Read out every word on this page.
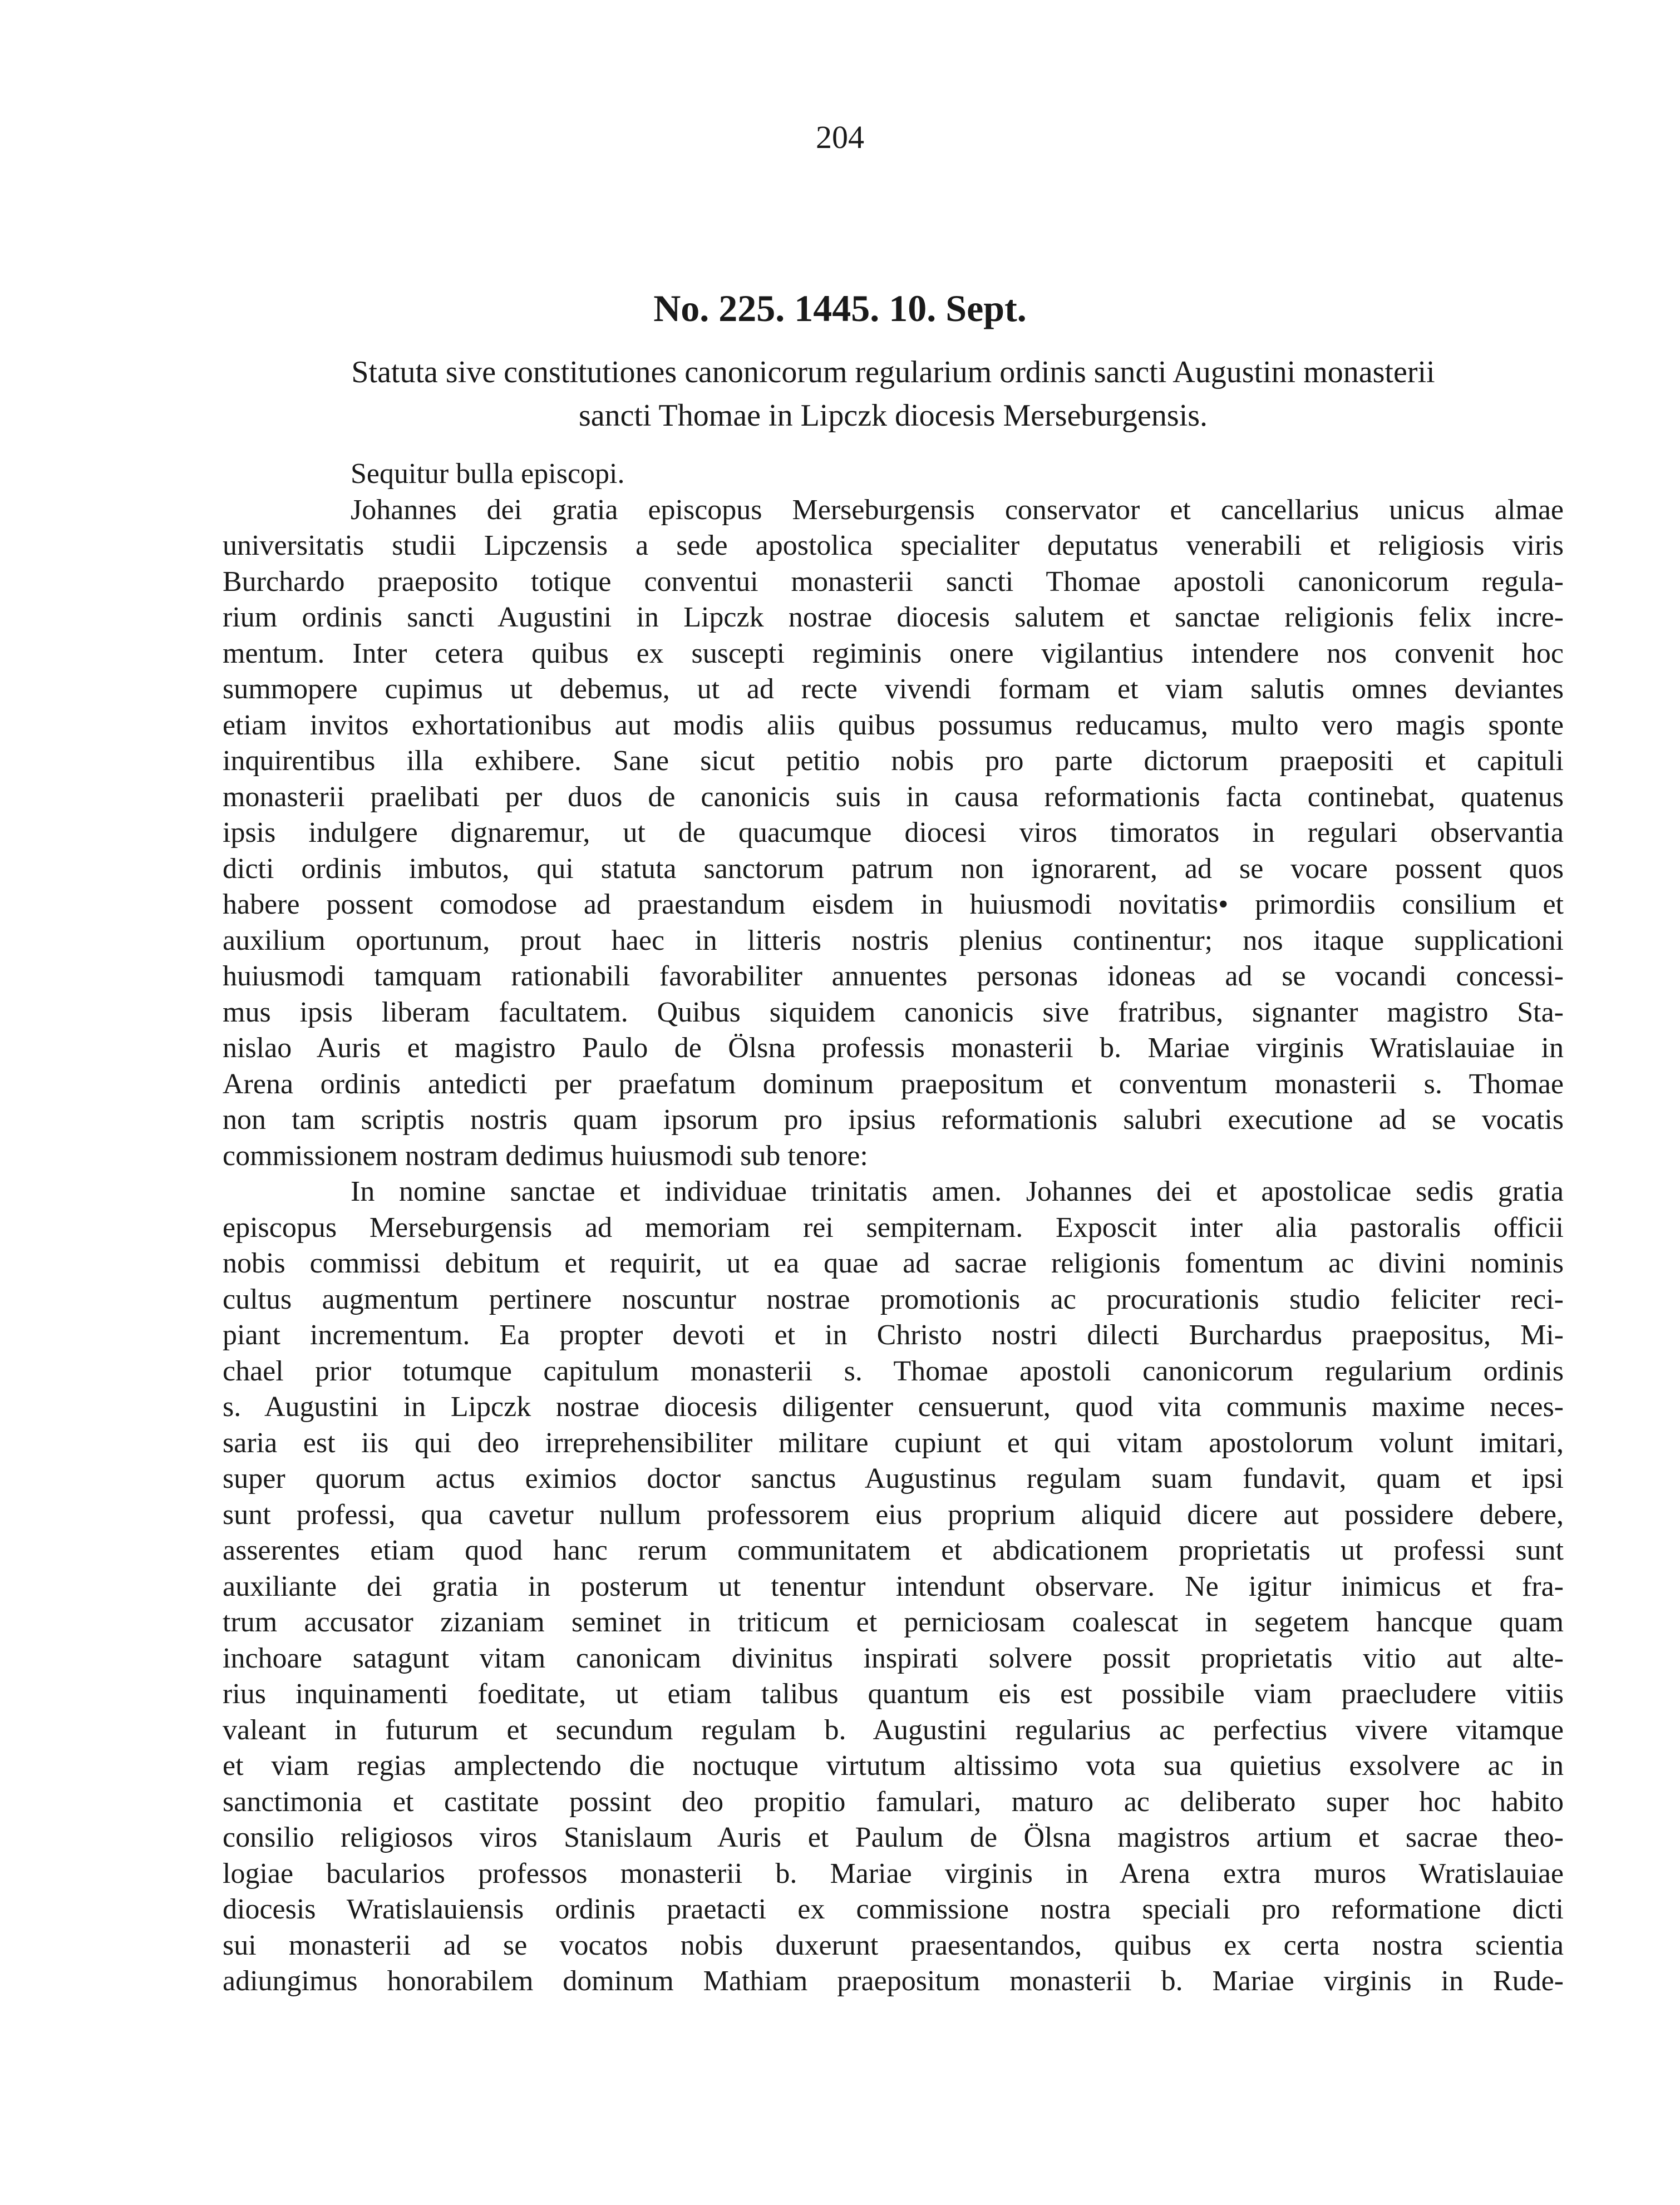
204
No. 225. 1445. 10. Sept.
Statuta sive constitutiones canonicorum regularium ordinis sancti Augustini monasterii
sancti Thomae in Lipczk diocesis Merseburgensis.
Sequitur bulla episcopi.
Johannes dei gratia episcopus Merseburgensis conservator et cancellarius unicus almae
universitatis studii Lipczensis a sede apostolica specialiter deputatus venerabili et religiosis viris
Burchardo praeposito totique conventui monasterii sancti Thomae apostoli canonicorum regula-
rium ordinis sancti Augustini in Lipczk nostrae diocesis salutem et sanctae religionis felix incre-
mentum. Inter cetera quibus ex suscepti regiminis onere vigilantius intendere nos convenit hoc
summopere cupimus ut debemus, ut ad recte vivendi formam et viam salutis omnes deviantes
etiam invitos exhortationibus aut modis aliis quibus possumus reducamus, multo vero magis sponte
inquirentibus illa exhibere. Sane sicut petitio nobis pro parte dictorum praepositi et capituli
monasterii praelibati per duos de canonicis suis in causa reformationis facta continebat, quatenus
ipsis indulgere dignaremur, ut de quacumque diocesi viros timoratos in regulari observantia
dicti ordinis imbutos, qui statuta sanctorum patrum non ignorarent, ad se vocare possent quos
habere possent comodose ad praestandum eisdem in huiusmodi novitatis• primordiis consilium et
auxilium oportunum, prout haec in litteris nostris plenius continentur; nos itaque supplicationi
huiusmodi tamquam rationabili favorabiliter annuentes personas idoneas ad se vocandi concessi-
mus ipsis liberam facultatem. Quibus siquidem canonicis sive fratribus, signanter magistro Sta-
nislao Auris et magistro Paulo de Ölsna professis monasterii b. Mariae virginis Wratislauiae in
Arena ordinis antedicti per praefatum dominum praepositum et conventum monasterii s. Thomae
non tam scriptis nostris quam ipsorum pro ipsius reformationis salubri executione ad se vocatis
commissionem nostram dedimus huiusmodi sub tenore:
In nomine sanctae et individuae trinitatis amen. Johannes dei et apostolicae sedis gratia
episcopus Merseburgensis ad memoriam rei sempiternam. Exposcit inter alia pastoralis officii
nobis commissi debitum et requirit, ut ea quae ad sacrae religionis fomentum ac divini nominis
cultus augmentum pertinere noscuntur nostrae promotionis ac procurationis studio feliciter reci-
piant incrementum. Ea propter devoti et in Christo nostri dilecti Burchardus praepositus, Mi-
chael prior totumque capitulum monasterii s. Thomae apostoli canonicorum regularium ordinis
s. Augustini in Lipczk nostrae diocesis diligenter censuerunt, quod vita communis maxime neces-
saria est iis qui deo irreprehensibiliter militare cupiunt et qui vitam apostolorum volunt imitari,
super quorum actus eximios doctor sanctus Augustinus regulam suam fundavit, quam et ipsi
sunt professi, qua cavetur nullum professorem eius proprium aliquid dicere aut possidere debere,
asserentes etiam quod hanc rerum communitatem et abdicationem proprietatis ut professi sunt
auxiliante dei gratia in posterum ut tenentur intendunt observare. Ne igitur inimicus et fra-
trum accusator zizaniam seminet in triticum et perniciosam coalescat in segetem hancque quam
inchoare satagunt vitam canonicam divinitus inspirati solvere possit proprietatis vitio aut alte-
rius inquinamenti foeditate, ut etiam talibus quantum eis est possibile viam praecludere vitiis
valeant in futurum et secundum regulam b. Augustini regularius ac perfectius vivere vitamque
et viam regias amplectendo die noctuque virtutum altissimo vota sua quietius exsolvere ac in
sanctimonia et castitate possint deo propitio famulari, maturo ac deliberato super hoc habito
consilio religiosos viros Stanislaum Auris et Paulum de Ölsna magistros artium et sacrae theo-
logiae bacularios professos monasterii b. Mariae virginis in Arena extra muros Wratislauiae
diocesis Wratislauiensis ordinis praetacti ex commissione nostra speciali pro reformatione dicti
sui monasterii ad se vocatos nobis duxerunt praesentandos, quibus ex certa nostra scientia
adiungimus honorabilem dominum Mathiam praepositum monasterii b. Mariae virginis in Rude-
